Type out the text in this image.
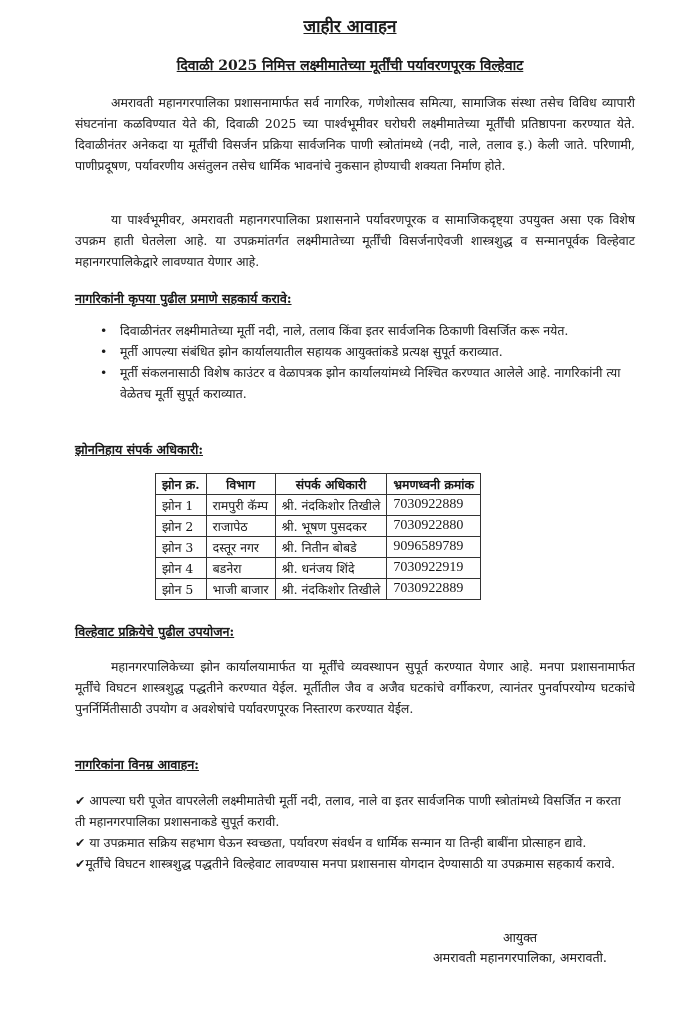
जाहीर आवाहन
दिवाळी 2025 निमित्त लक्ष्मीमातेच्या मूर्तींची पर्यावरणपूरक विल्हेवाट
अमरावती महानगरपालिका प्रशासनामार्फत सर्व नागरिक, गणेशोत्सव समित्या, सामाजिक संस्था तसेच विविध व्यापारी संघटनांना कळविण्यात येते की, दिवाळी 2025 च्या पार्श्वभूमीवर घरोघरी लक्ष्मीमातेच्या मूर्तींची प्रतिष्ठापना करण्यात येते. दिवाळीनंतर अनेकदा या मूर्तींची विसर्जन प्रक्रिया सार्वजनिक पाणी स्त्रोतांमध्ये (नदी, नाले, तलाव इ.) केली जाते. परिणामी, पाणीप्रदूषण, पर्यावरणीय असंतुलन तसेच धार्मिक भावनांचे नुकसान होण्याची शक्यता निर्माण होते.
या पार्श्वभूमीवर, अमरावती महानगरपालिका प्रशासनाने पर्यावरणपूरक व सामाजिकदृष्ट्या उपयुक्त असा एक विशेष उपक्रम हाती घेतलेला आहे. या उपक्रमांतर्गत लक्ष्मीमातेच्या मूर्तींची विसर्जनाऐवजी शास्त्रशुद्ध व सन्मानपूर्वक विल्हेवाट महानगरपालिकेद्वारे लावण्यात येणार आहे.
नागरिकांनी कृपया पुढील प्रमाणे सहकार्य करावे:
• दिवाळीनंतर लक्ष्मीमातेच्या मूर्ती नदी, नाले, तलाव किंवा इतर सार्वजनिक ठिकाणी विसर्जित करू नयेत.
• मूर्ती आपल्या संबंधित झोन कार्यालयातील सहायक आयुक्तांकडे प्रत्यक्ष सुपूर्त कराव्यात.
• मूर्ती संकलनासाठी विशेष काउंटर व वेळापत्रक झोन कार्यालयांमध्ये निश्चित करण्यात आलेले आहे. नागरिकांनी त्या वेळेतच मूर्ती सुपूर्त कराव्यात.
झोननिहाय संपर्क अधिकारी:
झोन क्र.	विभाग	संपर्क अधिकारी	भ्रमणध्वनी क्रमांक
झोन 1	रामपुरी कॅम्प	श्री. नंदकिशोर तिखीले	7030922889
झोन 2	राजापेठ	श्री. भूषण पुसदकर	7030922880
झोन 3	दस्तूर नगर	श्री. नितीन बोबडे	9096589789
झोन 4	बडनेरा	श्री. धनंजय शिंदे	7030922919
झोन 5	भाजी बाजार	श्री. नंदकिशोर तिखीले	7030922889
विल्हेवाट प्रक्रियेचे पुढील उपयोजन:
महानगरपालिकेच्या झोन कार्यालयामार्फत या मूर्तींचे व्यवस्थापन सुपूर्त करण्यात येणार आहे. मनपा प्रशासनामार्फत मूर्तींचे विघटन शास्त्रशुद्ध पद्धतीने करण्यात येईल. मूर्तीतील जैव व अजैव घटकांचे वर्गीकरण, त्यानंतर पुनर्वापरयोग्य घटकांचे पुनर्निर्मितीसाठी उपयोग व अवशेषांचे पर्यावरणपूरक निस्तारण करण्यात येईल.
नागरिकांना विनम्र आवाहन:
✔ आपल्या घरी पूजेत वापरलेली लक्ष्मीमातेची मूर्ती नदी, तलाव, नाले वा इतर सार्वजनिक पाणी स्त्रोतांमध्ये विसर्जित न करता ती महानगरपालिका प्रशासनाकडे सुपूर्त करावी.
✔ या उपक्रमात सक्रिय सहभाग घेऊन स्वच्छता, पर्यावरण संवर्धन व धार्मिक सन्मान या तिन्ही बाबींना प्रोत्साहन द्यावे.
✔मूर्तींचे विघटन शास्त्रशुद्ध पद्धतीने विल्हेवाट लावण्यास मनपा प्रशासनास योगदान देण्यासाठी या उपक्रमास सहकार्य करावे.
आयुक्त
अमरावती महानगरपालिका, अमरावती.
